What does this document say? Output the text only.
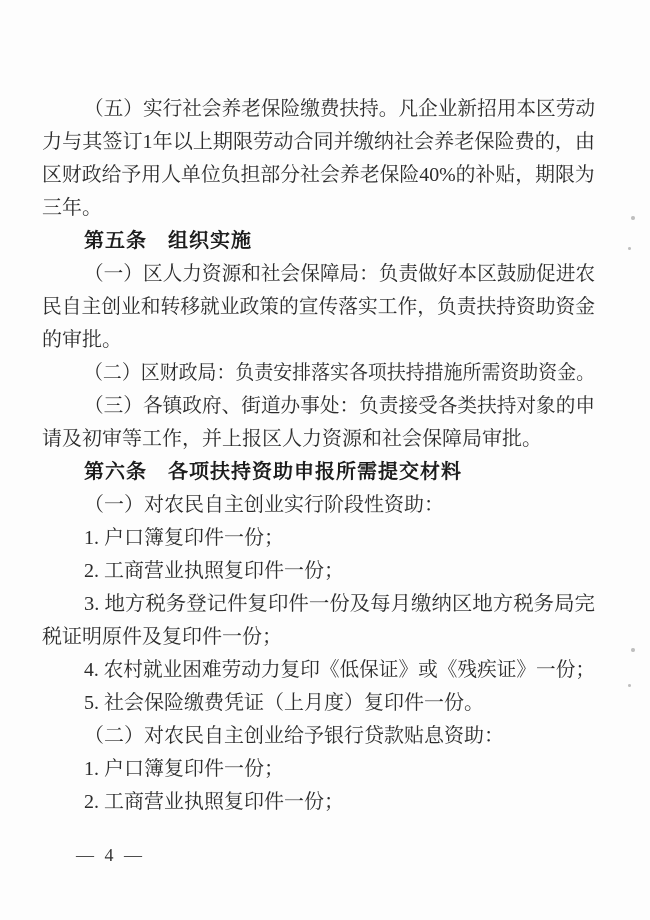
（五）实行社会养老保险缴费扶持。凡企业新招用本区劳动
力与其签订1年以上期限劳动合同并缴纳社会养老保险费的，由
区财政给予用人单位负担部分社会养老保险40%的补贴，期限为
三年。
第五条　组织实施
（一）区人力资源和社会保障局：负责做好本区鼓励促进农
民自主创业和转移就业政策的宣传落实工作，负责扶持资助资金
的审批。
（二）区财政局：负责安排落实各项扶持措施所需资助资金。
（三）各镇政府、街道办事处：负责接受各类扶持对象的申
请及初审等工作，并上报区人力资源和社会保障局审批。
第六条　各项扶持资助申报所需提交材料
（一）对农民自主创业实行阶段性资助：
1. 户口簿复印件一份；
2. 工商营业执照复印件一份；
3. 地方税务登记件复印件一份及每月缴纳区地方税务局完
税证明原件及复印件一份；
4. 农村就业困难劳动力复印《低保证》或《残疾证》一份；
5. 社会保险缴费凭证（上月度）复印件一份。
（二）对农民自主创业给予银行贷款贴息资助：
1. 户口簿复印件一份；
2. 工商营业执照复印件一份；
— 4 —
